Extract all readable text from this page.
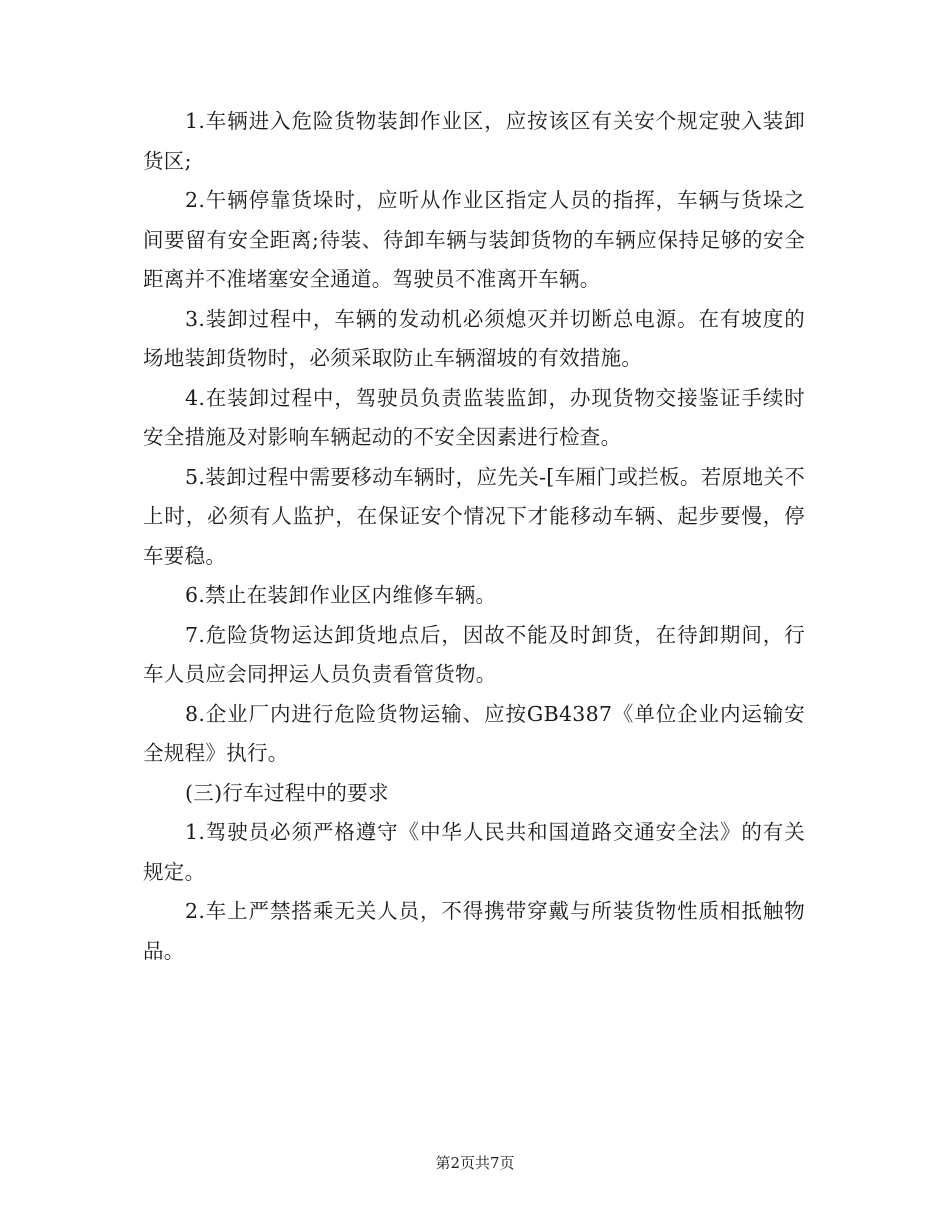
1.车辆进入危险货物装卸作业区，应按该区有关安个规定驶入装卸货区;

2.午辆停靠货垛时，应听从作业区指定人员的指挥，车辆与货垛之间要留有安全距离;待装、待卸车辆与装卸货物的车辆应保持足够的安全距离并不准堵塞安全通道。驾驶员不准离开车辆。

3.装卸过程中，车辆的发动机必须熄灭并切断总电源。在有坡度的场地装卸货物时，必须采取防止车辆溜坡的有效措施。

4.在装卸过程中，驾驶员负责监装监卸，办现货物交接鉴证手续时安全措施及对影响车辆起动的不安全因素进行检查。

5.装卸过程中需要移动车辆时，应先关-[车厢门或拦板。若原地关不上时，必须有人监护，在保证安个情况下才能移动车辆、起步要慢，停车要稳。

6.禁止在装卸作业区内维修车辆。

7.危险货物运达卸货地点后，因故不能及时卸货，在待卸期间，行车人员应会同押运人员负责看管货物。

8.企业厂内进行危险货物运输、应按GB4387《单位企业内运输安全规程》执行。

(三)行车过程中的要求

1.驾驶员必须严格遵守《中华人民共和国道路交通安全法》的有关规定。

2.车上严禁搭乘无关人员，不得携带穿戴与所装货物性质相抵触物品。

第2页共7页
